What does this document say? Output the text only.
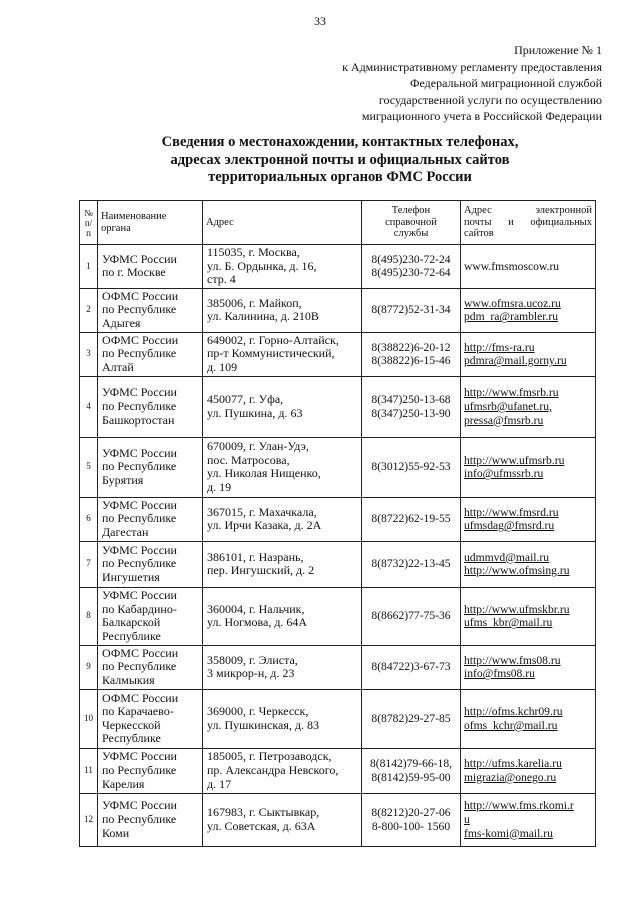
33
Приложение № 1
к Административному регламенту предоставления
Федеральной миграционной службой
государственной услуги по осуществлению
миграционного учета в Российской Федерации
Сведения о местонахождении, контактных телефонах,
адресах электронной почты и официальных сайтов
территориальных органов ФМС России
№
п/
п	Наименование
органа	Адрес	Телефон
справочной
службы	Адрес электронной
почты и официальных
сайтов

1	УФМС России
по г. Москве	115035, г. Москва,
ул. Б. Ордынка, д. 16,
стр. 4	8(495)230-72-24
8(495)230-72-64	www.fmsmoscow.ru

2	ОФМС России
по Республике
Адыгея	385006, г. Майкоп,
ул. Калинина, д. 210В	8(8772)52-31-34	www.ofmsra.ucoz.ru
pdm_ra@rambler.ru

3	ОФМС России
по Республике
Алтай	649002, г. Горно-Алтайск,
пр-т Коммунистический,
д. 109	8(38822)6-20-12
8(38822)6-15-46	http://fms-ra.ru
pdmra@mail.gorny.ru

4	УФМС России
по Республике
Башкортостан	450077, г. Уфа,
ул. Пушкина, д. 63	8(347)250-13-68
8(347)250-13-90	http://www.fmsrb.ru
ufmsrb@ufanet.ru,
pressa@fmsrb.ru

5	УФМС России
по Республике
Бурятия	670009, г. Улан-Удэ,
пос. Матросова,
ул. Николая Нищенко,
д. 19	8(3012)55-92-53	http://www.ufmsrb.ru
info@ufmssrb.ru

6	УФМС России
по Республике
Дагестан	367015, г. Махачкала,
ул. Ирчи Казака, д. 2А	8(8722)62-19-55	http://www.fmsrd.ru
ufmsdag@fmsrd.ru

7	УФМС России
по Республике
Ингушетия	386101, г. Назрань,
пер. Ингушский, д. 2	8(8732)22-13-45	udmmvd@mail.ru
http://www.ofmsing.ru

8	УФМС России
по Кабардино-
Балкарской
Республике	360004, г. Нальчик,
ул. Ногмова, д. 64А	8(8662)77-75-36	http://www.ufmskbr.ru
ufms_kbr@mail.ru

9	ОФМС России
по Республике
Калмыкия	358009, г. Элиста,
3 микрор-н, д. 23	8(84722)3-67-73	http://www.fms08.ru
info@fms08.ru

10	ОФМС России
по Карачаево-
Черкесской
Республике	369000, г. Черкесск,
ул. Пушкинская, д. 83	8(8782)29-27-85	http://ofms.kchr09.ru
ofms_kchr@mail.ru

11	УФМС России
по Республике
Карелия	185005, г. Петрозаводск,
пр. Александра Невского,
д. 17	8(8142)79-66-18,
8(8142)59-95-00	http://ufms.karelia.ru
migrazia@onego.ru

12	УФМС России
по Республике
Коми	167983, г. Сыктывкар,
ул. Советская, д. 63А	8(8212)20-27-06
8-800-100- 1560	http://www.fms.rkomi.r
u
fms-komi@mail.ru
